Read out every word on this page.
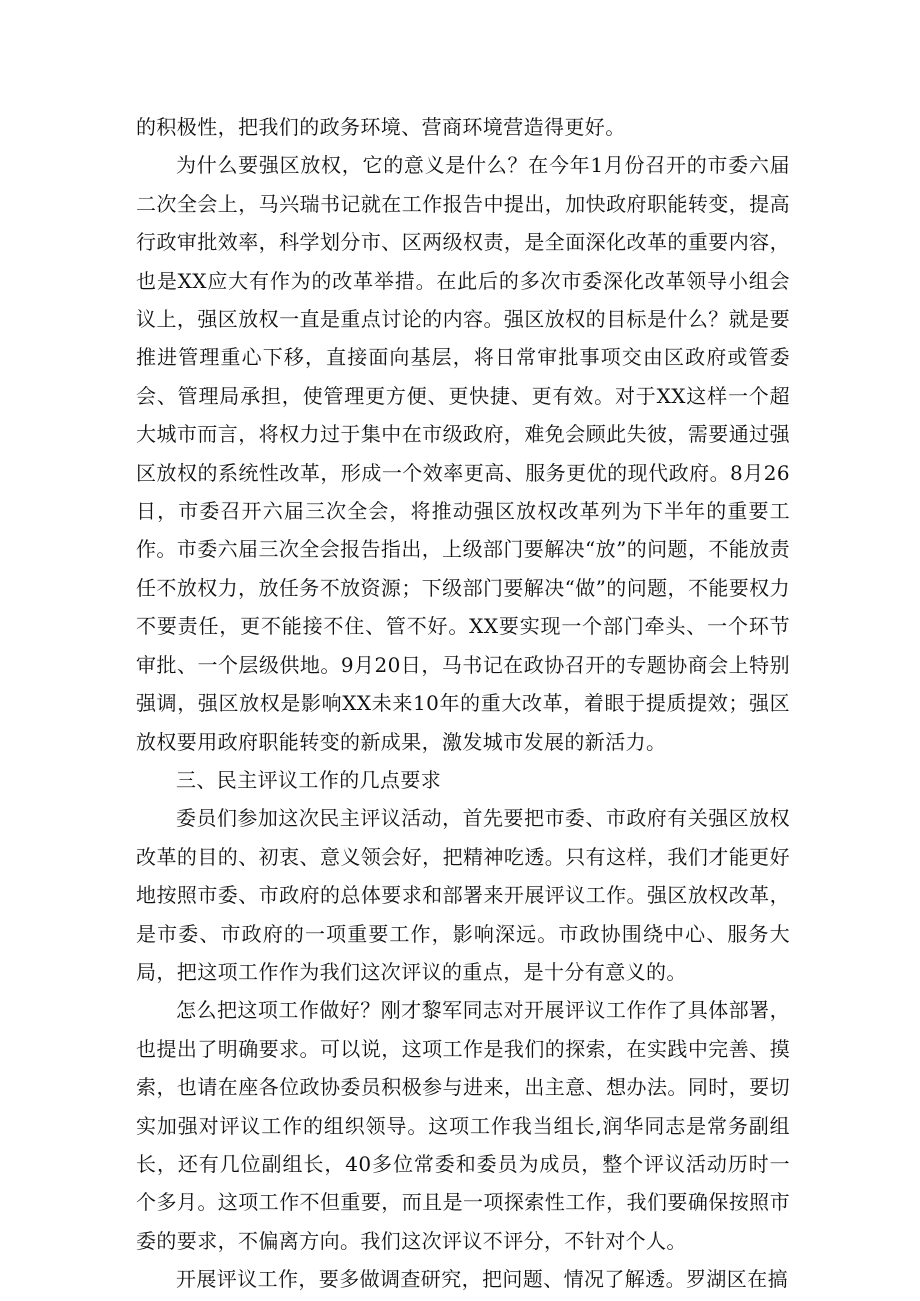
的积极性，把我们的政务环境、营商环境营造得更好。

为什么要强区放权，它的意义是什么？在今年1月份召开的市委六届二次全会上，马兴瑞书记就在工作报告中提出，加快政府职能转变，提高行政审批效率，科学划分市、区两级权责，是全面深化改革的重要内容，也是XX应大有作为的改革举措。在此后的多次市委深化改革领导小组会议上，强区放权一直是重点讨论的内容。强区放权的目标是什么？就是要推进管理重心下移，直接面向基层，将日常审批事项交由区政府或管委会、管理局承担，使管理更方便、更快捷、更有效。对于XX这样一个超大城市而言，将权力过于集中在市级政府，难免会顾此失彼，需要通过强区放权的系统性改革，形成一个效率更高、服务更优的现代政府。8月26日，市委召开六届三次全会，将推动强区放权改革列为下半年的重要工作。市委六届三次全会报告指出，上级部门要解决“放”的问题，不能放责任不放权力，放任务不放资源；下级部门要解决“做”的问题，不能要权力不要责任，更不能接不住、管不好。XX要实现一个部门牵头、一个环节审批、一个层级供地。9月20日，马书记在政协召开的专题协商会上特别强调，强区放权是影响XX未来10年的重大改革，着眼于提质提效；强区放权要用政府职能转变的新成果，激发城市发展的新活力。

三、民主评议工作的几点要求

委员们参加这次民主评议活动，首先要把市委、市政府有关强区放权改革的目的、初衷、意义领会好，把精神吃透。只有这样，我们才能更好地按照市委、市政府的总体要求和部署来开展评议工作。强区放权改革，是市委、市政府的一项重要工作，影响深远。市政协围绕中心、服务大局，把这项工作作为我们这次评议的重点，是十分有意义的。

怎么把这项工作做好？刚才黎军同志对开展评议工作作了具体部署，也提出了明确要求。可以说，这项工作是我们的探索，在实践中完善、摸索，也请在座各位政协委员积极参与进来，出主意、想办法。同时，要切实加强对评议工作的组织领导。这项工作我当组长,润华同志是常务副组长，还有几位副组长，40多位常委和委员为成员，整个评议活动历时一个多月。这项工作不但重要，而且是一项探索性工作，我们要确保按照市委的要求，不偏离方向。我们这次评议不评分，不针对个人。

开展评议工作，要多做调查研究，把问题、情况了解透。罗湖区在搞
